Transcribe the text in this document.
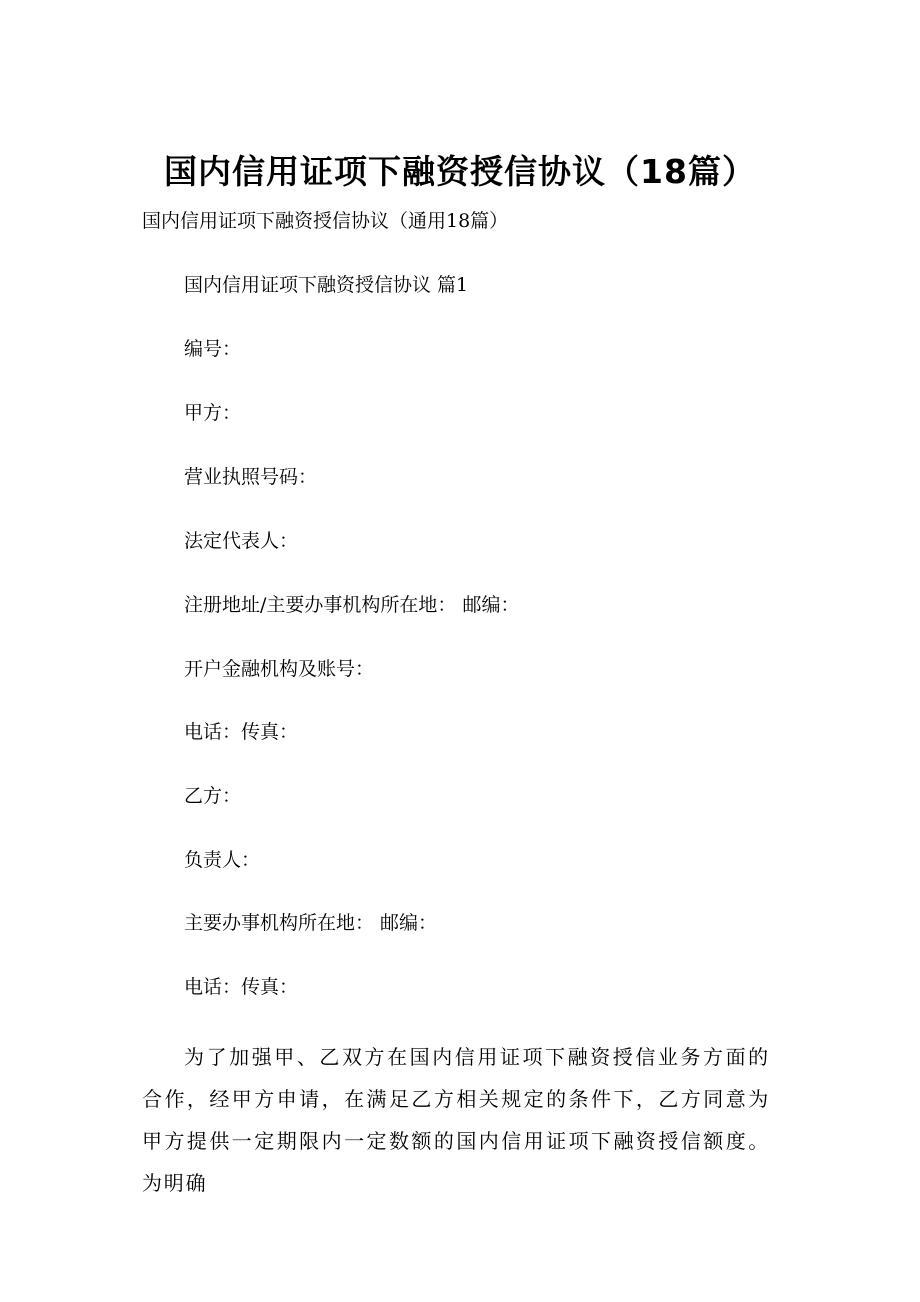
国内信用证项下融资授信协议（18篇）
国内信用证项下融资授信协议（通用18篇）
国内信用证项下融资授信协议 篇1
编号：
甲方：
营业执照号码：
法定代表人：
注册地址/主要办事机构所在地： 邮编：
开户金融机构及账号：
电话：传真：
乙方：
负责人：
主要办事机构所在地： 邮编：
电话：传真：
为了加强甲、乙双方在国内信用证项下融资授信业务方面的合作，经甲方申请，在满足乙方相关规定的条件下，乙方同意为甲方提供一定期限内一定数额的国内信用证项下融资授信额度。为明确
